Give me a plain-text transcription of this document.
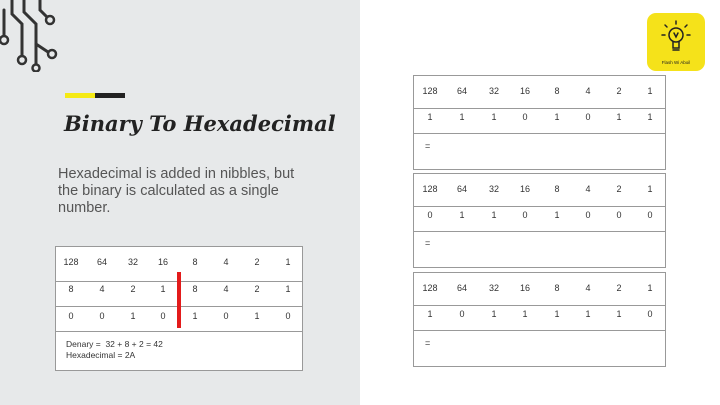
Binary To Hexadecimal
Hexadecimal is added in nibbles, but the binary is calculated as a single number.
128	64	32	16	8	4	2	1
8	4	2	1	8	4	2	1
0	0	1	0	1	0	1	0
Denary =  32 + 8 + 2 = 42
Hexadecimal = 2A
128	64	32	16	8	4	2	1
1	1	1	0	1	0	1	1
=
128	64	32	16	8	4	2	1
0	1	1	0	1	0	0	0
=
128	64	32	16	8	4	2	1
1	0	1	1	1	1	1	0
=
Flash Wi Aboil
